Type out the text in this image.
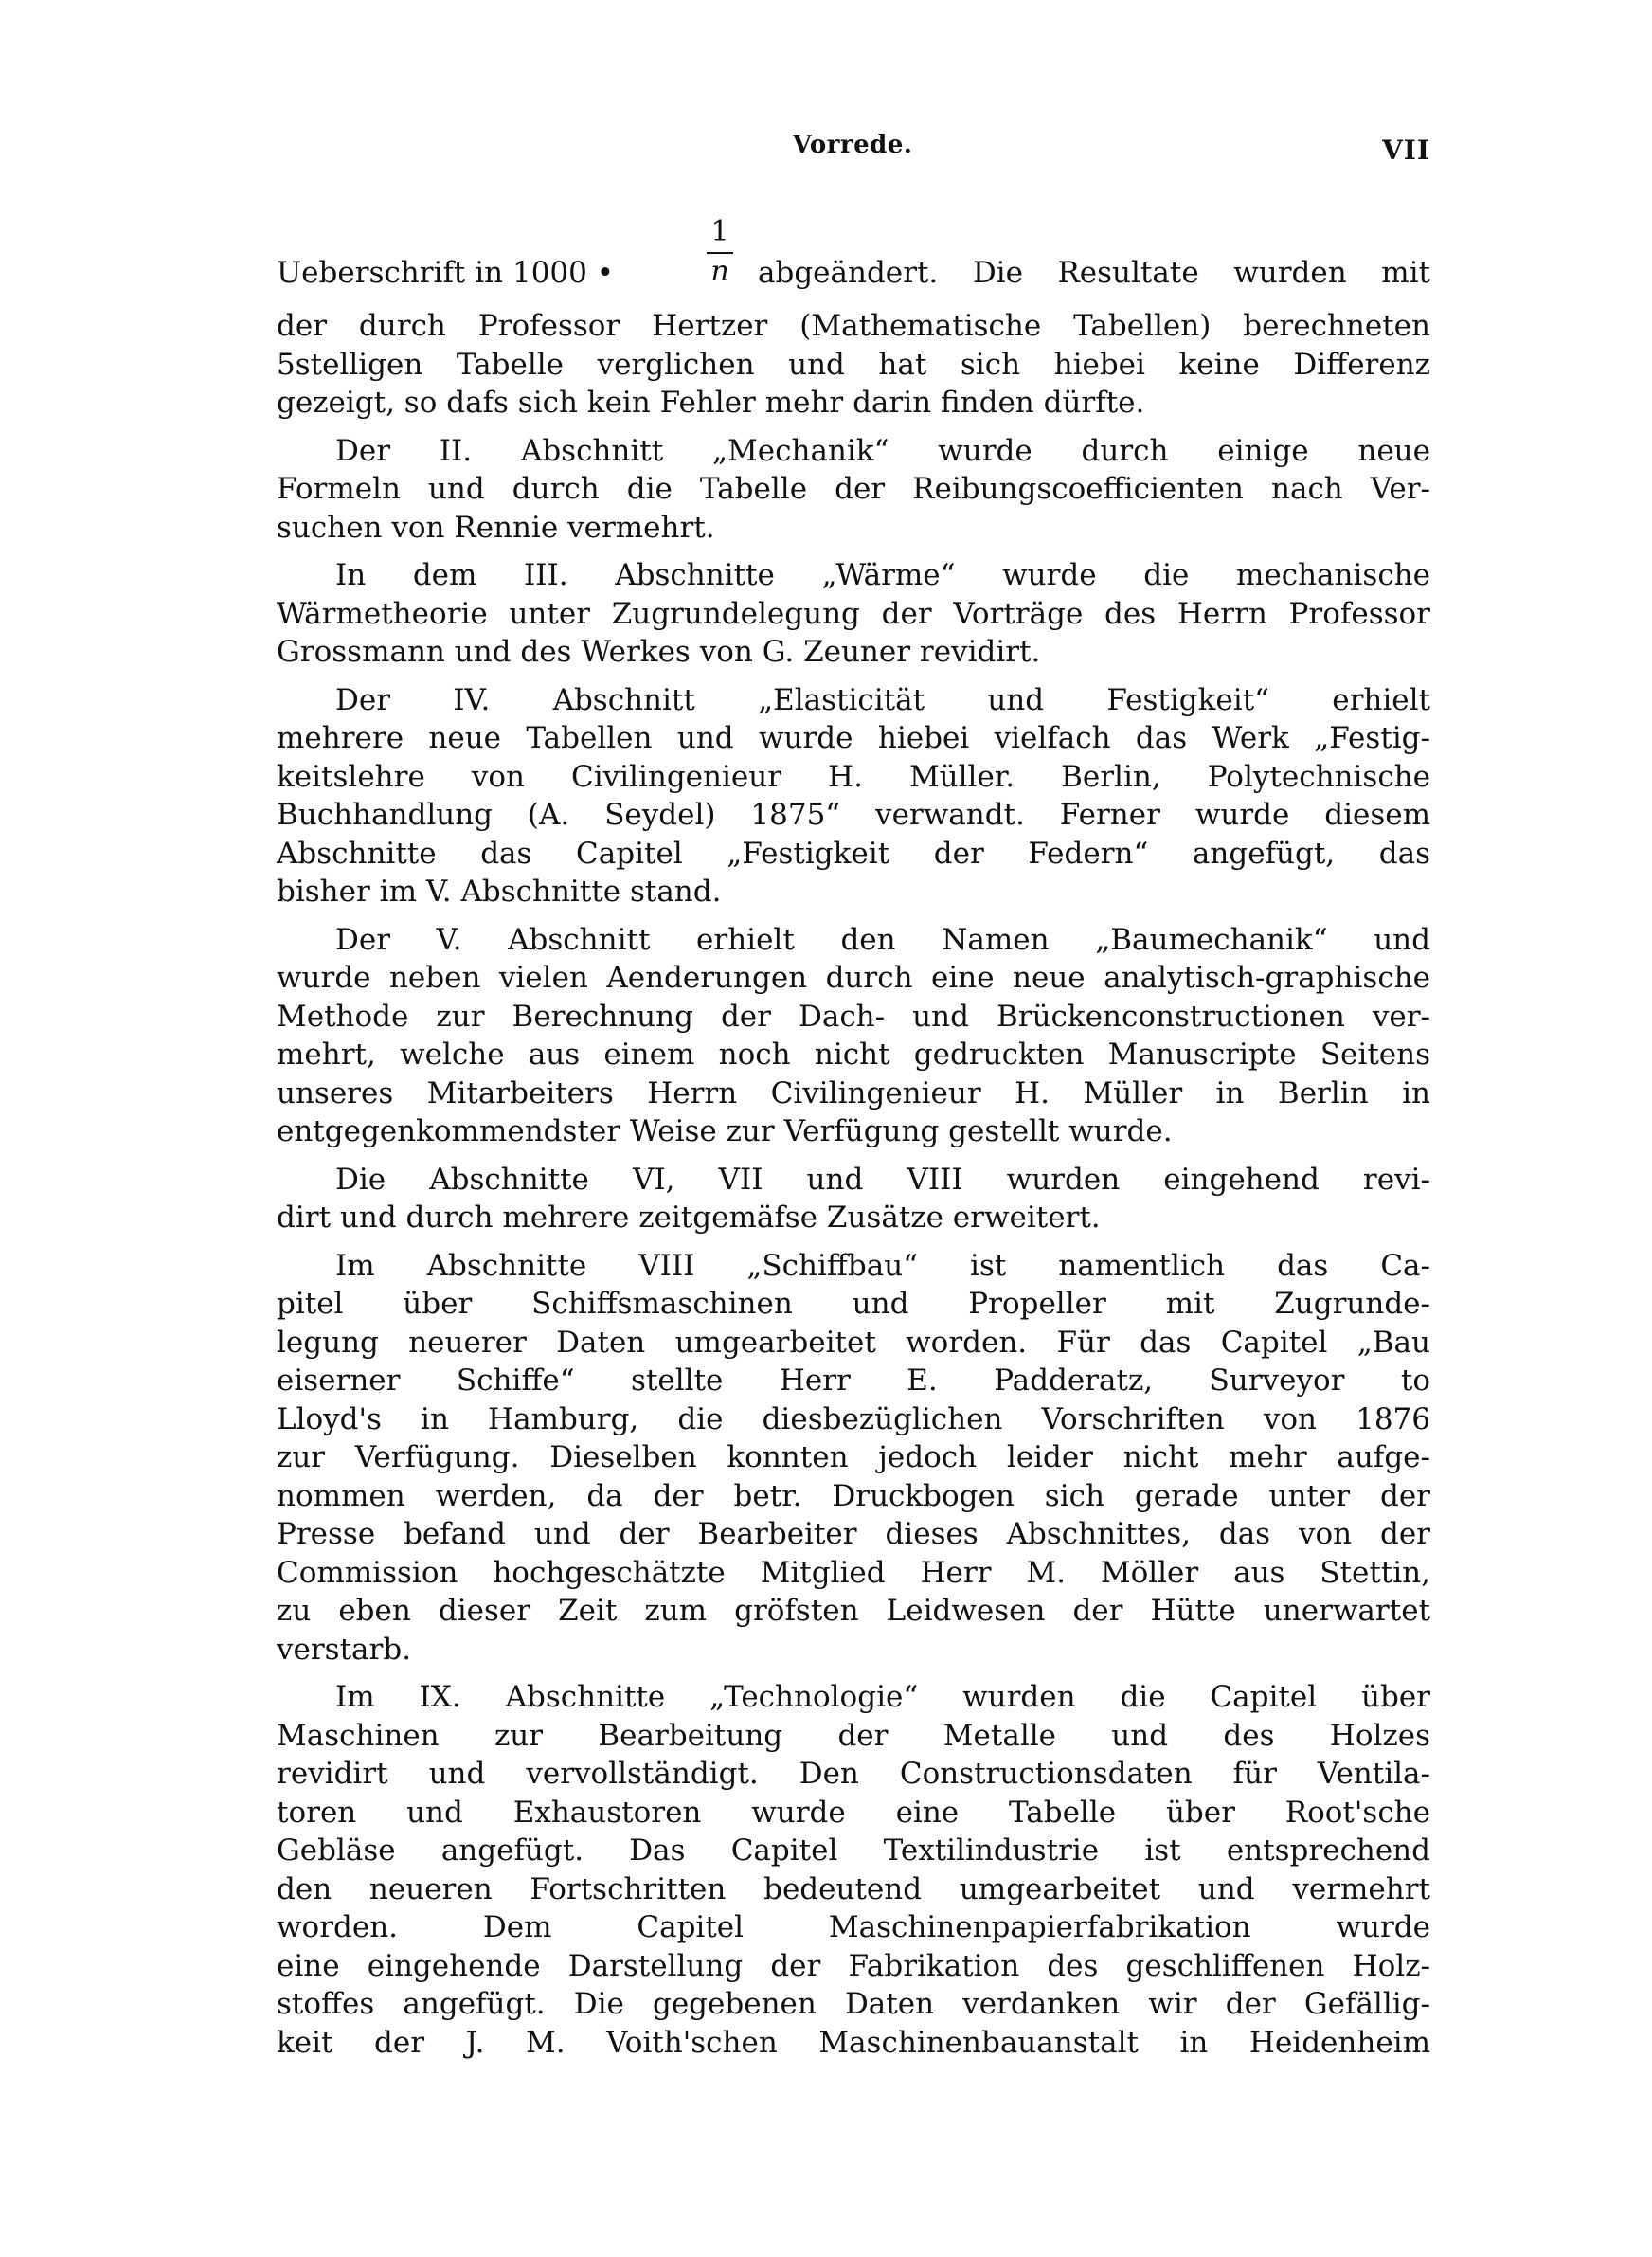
Vorrede.	VII
Ueberschrift in 1000 •
1
n abgeändert. Die Resultate wurden mit
der durch Professor Hertzer (Mathematische Tabellen) berechneten
5stelligen Tabelle verglichen und hat sich hiebei keine Differenz
gezeigt, so dafs sich kein Fehler mehr darin finden dürfte.
Der II. Abschnitt „Mechanik“ wurde durch einige neue
Formeln und durch die Tabelle der Reibungscoefficienten nach Ver-
suchen von Rennie vermehrt.
In dem III. Abschnitte „Wärme“ wurde die mechanische
Wärmetheorie unter Zugrundelegung der Vorträge des Herrn Professor
Grossmann und des Werkes von G. Zeuner revidirt.
Der IV. Abschnitt „Elasticität und Festigkeit“ erhielt
mehrere neue Tabellen und wurde hiebei vielfach das Werk „Festig-
keitslehre von Civilingenieur H. Müller. Berlin, Polytechnische
Buchhandlung (A. Seydel) 1875“ verwandt. Ferner wurde diesem
Abschnitte das Capitel „Festigkeit der Federn“ angefügt, das
bisher im V. Abschnitte stand.
Der V. Abschnitt erhielt den Namen „Baumechanik“ und
wurde neben vielen Aenderungen durch eine neue analytisch-graphische
Methode zur Berechnung der Dach- und Brückenconstructionen ver-
mehrt, welche aus einem noch nicht gedruckten Manuscripte Seitens
unseres Mitarbeiters Herrn Civilingenieur H. Müller in Berlin in
entgegenkommendster Weise zur Verfügung gestellt wurde.
Die Abschnitte VI, VII und VIII wurden eingehend revi-
dirt und durch mehrere zeitgemäfse Zusätze erweitert.
Im Abschnitte VIII „Schiffbau“ ist namentlich das Ca-
pitel über Schiffsmaschinen und Propeller mit Zugrunde-
legung neuerer Daten umgearbeitet worden. Für das Capitel „Bau
eiserner Schiffe“ stellte Herr E. Padderatz, Surveyor to
Lloyd's in Hamburg, die diesbezüglichen Vorschriften von 1876
zur Verfügung. Dieselben konnten jedoch leider nicht mehr aufge-
nommen werden, da der betr. Druckbogen sich gerade unter der
Presse befand und der Bearbeiter dieses Abschnittes, das von der
Commission hochgeschätzte Mitglied Herr M. Möller aus Stettin,
zu eben dieser Zeit zum gröfsten Leidwesen der Hütte unerwartet
verstarb.
Im IX. Abschnitte „Technologie“ wurden die Capitel über
Maschinen zur Bearbeitung der Metalle und des Holzes
revidirt und vervollständigt. Den Constructionsdaten für Ventila-
toren und Exhaustoren wurde eine Tabelle über Root'sche
Gebläse angefügt. Das Capitel Textilindustrie ist entsprechend
den neueren Fortschritten bedeutend umgearbeitet und vermehrt
worden. Dem Capitel Maschinenpapierfabrikation wurde
eine eingehende Darstellung der Fabrikation des geschliffenen Holz-
stoffes angefügt. Die gegebenen Daten verdanken wir der Gefällig-
keit der J. M. Voith'schen Maschinenbauanstalt in Heidenheim
